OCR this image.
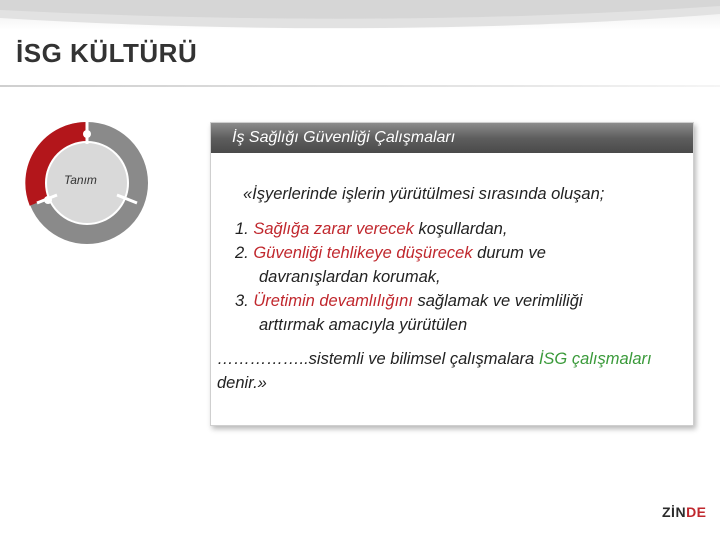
İSG KÜLTÜRÜ
Tanım
İş Sağlığı Güvenliği Çalışmaları
«İşyerlerinde işlerin yürütülmesi sırasında oluşan;
1. Sağlığa zarar verecek koşullardan,
2. Güvenliği tehlikeye düşürecek durum ve
davranışlardan korumak,
3. Üretimin devamlılığını sağlamak ve verimliliği
arttırmak amacıyla yürütülen
……………..sistemli ve bilimsel çalışmalara İSG çalışmaları denir.»
ZİNDE
